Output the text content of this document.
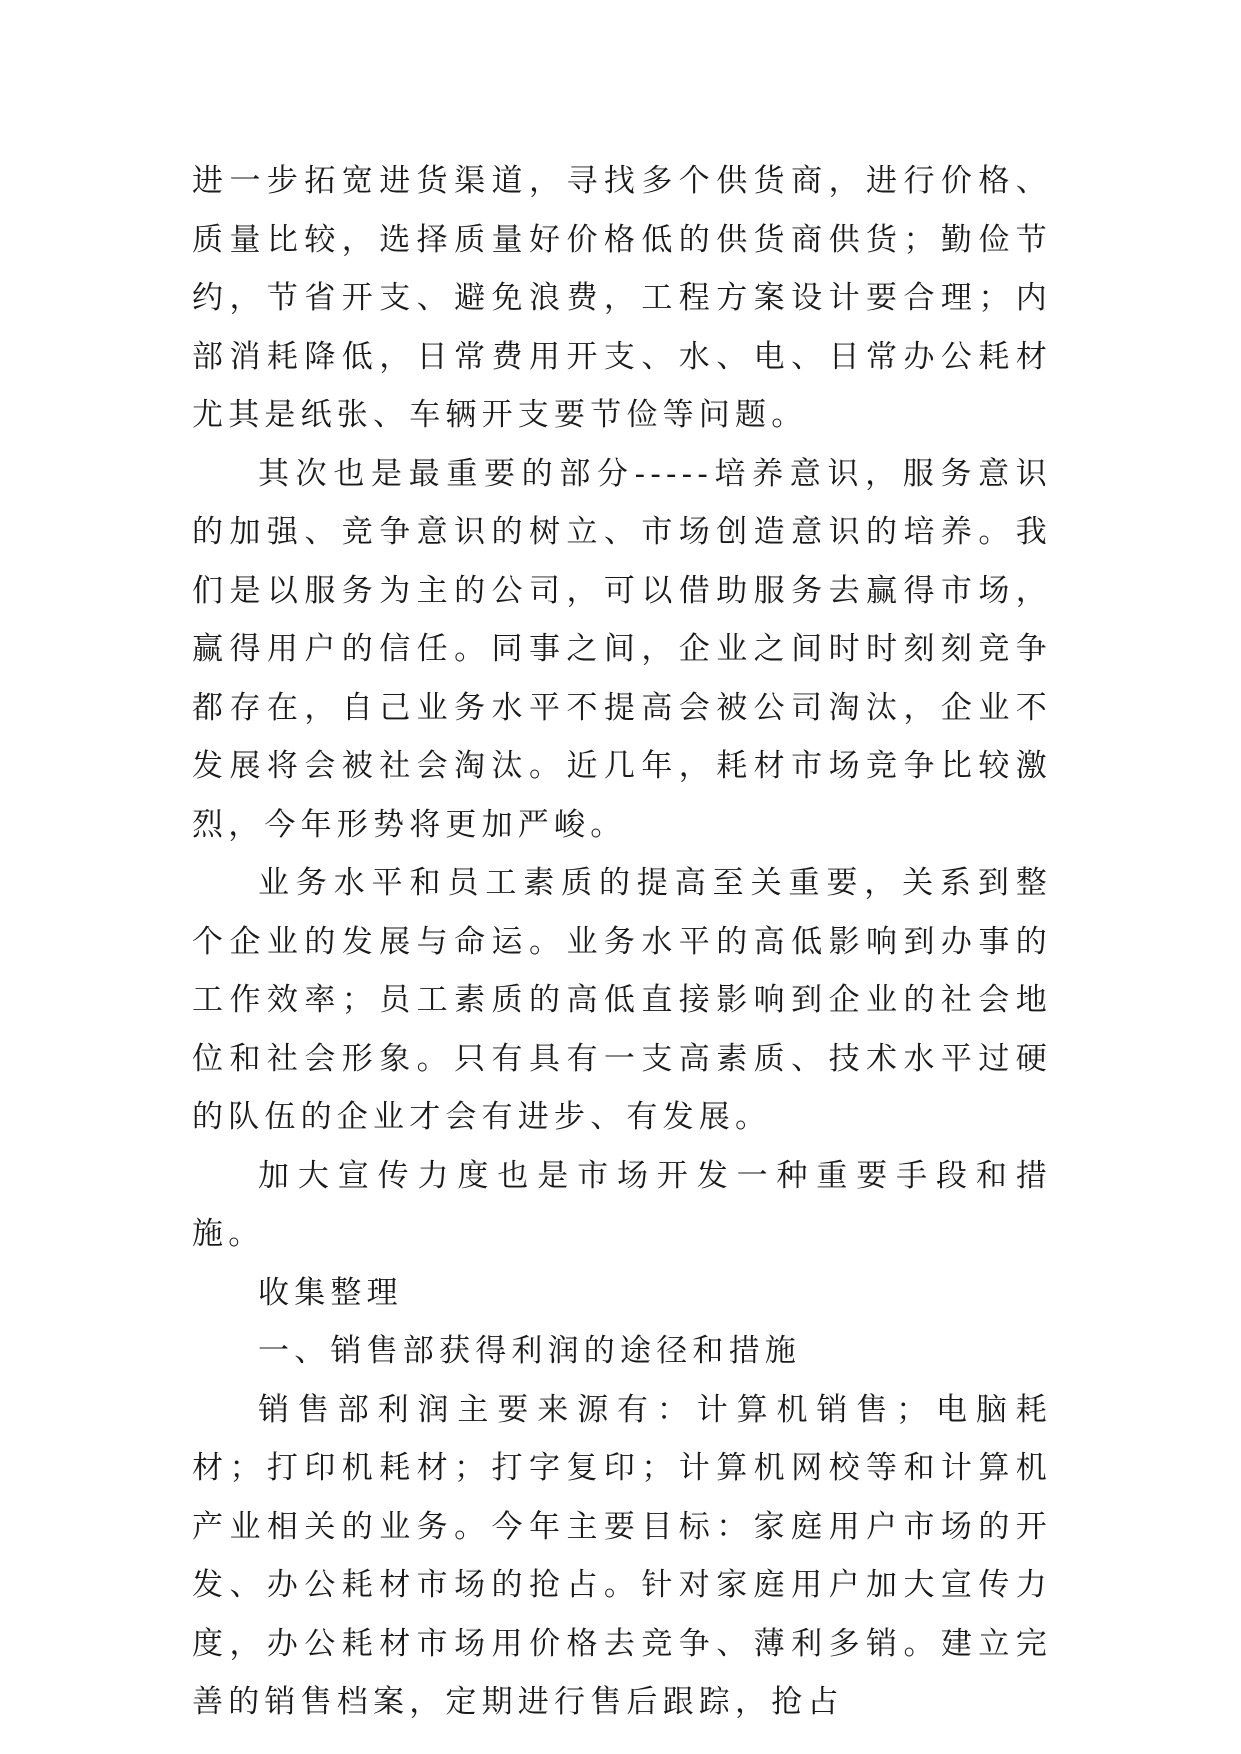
进一步拓宽进货渠道，寻找多个供货商，进行价格、质量比较，选择质量好价格低的供货商供货；勤俭节约，节省开支、避免浪费，工程方案设计要合理；内部消耗降低，日常费用开支、水、电、日常办公耗材尤其是纸张、车辆开支要节俭等问题。

其次也是最重要的部分-----培养意识，服务意识的加强、竞争意识的树立、市场创造意识的培养。我们是以服务为主的公司，可以借助服务去赢得市场，赢得用户的信任。同事之间，企业之间时时刻刻竞争都存在，自己业务水平不提高会被公司淘汰，企业不发展将会被社会淘汰。近几年，耗材市场竞争比较激烈，今年形势将更加严峻。

业务水平和员工素质的提高至关重要，关系到整个企业的发展与命运。业务水平的高低影响到办事的工作效率；员工素质的高低直接影响到企业的社会地位和社会形象。只有具有一支高素质、技术水平过硬的队伍的企业才会有进步、有发展。

加大宣传力度也是市场开发一种重要手段和措施。

收集整理

一、销售部获得利润的途径和措施

销售部利润主要来源有：计算机销售；电脑耗材；打印机耗材；打字复印；计算机网校等和计算机产业相关的业务。今年主要目标：家庭用户市场的开发、办公耗材市场的抢占。针对家庭用户加大宣传力度，办公耗材市场用价格去竞争、薄利多销。建立完善的销售档案，定期进行售后跟踪，抢占
